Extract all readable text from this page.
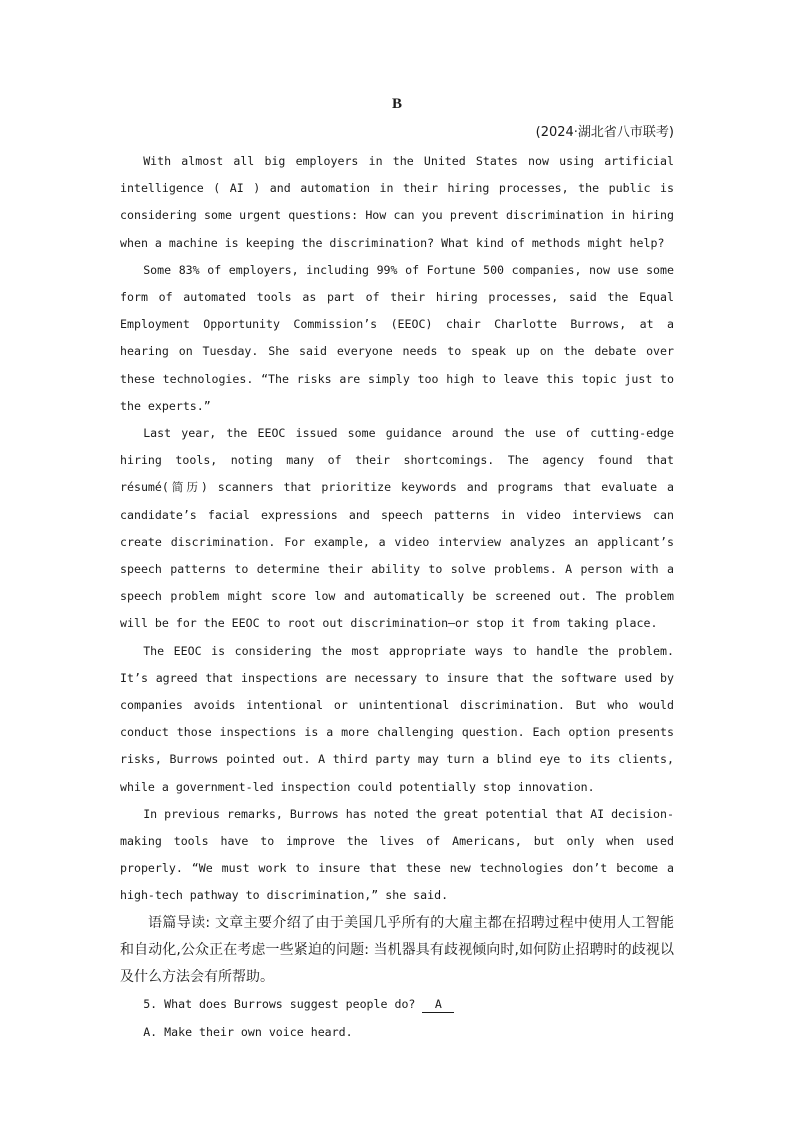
B
(2024·湖北省八市联考)

With almost all big employers in the United States now using artificial intelligence ( AI ) and automation in their hiring processes, the public is considering some urgent questions: How can you prevent discrimination in hiring when a machine is keeping the discrimination? What kind of methods might help?

Some 83% of employers, including 99% of Fortune 500 companies, now use some form of automated tools as part of their hiring processes, said the Equal Employment Opportunity Commission’s (EEOC) chair Charlotte Burrows, at a hearing on Tuesday. She said everyone needs to speak up on the debate over these technologies. “The risks are simply too high to leave this topic just to the experts.”

Last year, the EEOC issued some guidance around the use of cutting-edge hiring tools, noting many of their shortcomings. The agency found that résumé(简历) scanners that prioritize keywords and programs that evaluate a candidate’s facial expressions and speech patterns in video interviews can create discrimination. For example, a video interview analyzes an applicant’s speech patterns to determine their ability to solve problems. A person with a speech problem might score low and automatically be screened out. The problem will be for the EEOC to root out discrimination—or stop it from taking place.

The EEOC is considering the most appropriate ways to handle the problem. It’s agreed that inspections are necessary to insure that the software used by companies avoids intentional or unintentional discrimination. But who would conduct those inspections is a more challenging question. Each option presents risks, Burrows pointed out. A third party may turn a blind eye to its clients, while a government-led inspection could potentially stop innovation.

In previous remarks, Burrows has noted the great potential that AI decision-making tools have to improve the lives of Americans, but only when used properly. “We must work to insure that these new technologies don’t become a high-tech pathway to discrimination,” she said.

语篇导读: 文章主要介绍了由于美国几乎所有的大雇主都在招聘过程中使用人工智能和自动化,公众正在考虑一些紧迫的问题: 当机器具有歧视倾向时,如何防止招聘时的歧视以及什么方法会有所帮助。

5. What does Burrows suggest people do? A

A. Make their own voice heard.
